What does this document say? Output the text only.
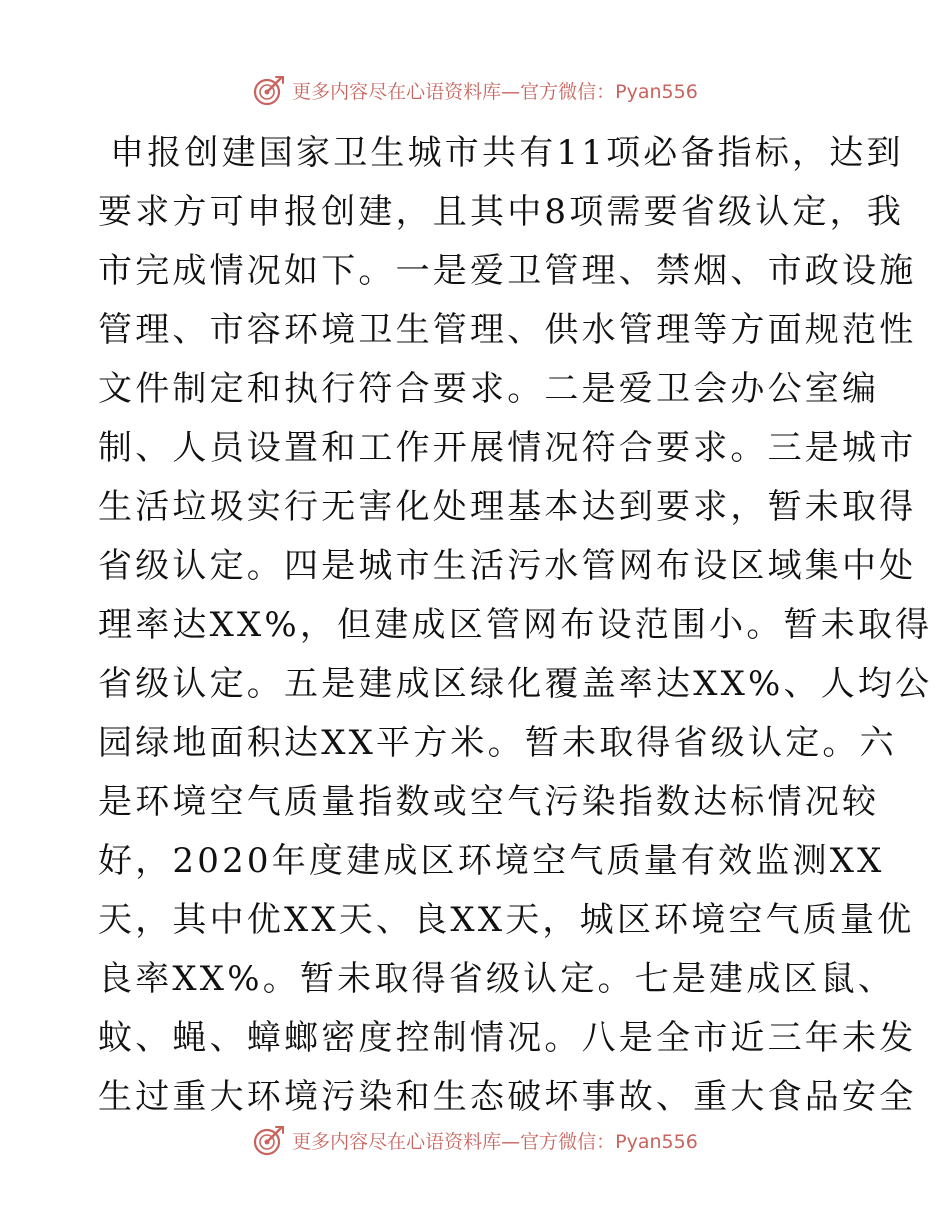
更多内容尽在心语资料库—官方微信：Pyan556
申报创建国家卫生城市共有11项必备指标，达到
要求方可申报创建，且其中8项需要省级认定，我
市完成情况如下。一是爱卫管理、禁烟、市政设施
管理、市容环境卫生管理、供水管理等方面规范性
文件制定和执行符合要求。二是爱卫会办公室编
制、人员设置和工作开展情况符合要求。三是城市
生活垃圾实行无害化处理基本达到要求，暂未取得
省级认定。四是城市生活污水管网布设区域集中处
理率达XX%，但建成区管网布设范围小。暂未取得
省级认定。五是建成区绿化覆盖率达XX%、人均公
园绿地面积达XX平方米。暂未取得省级认定。六
是环境空气质量指数或空气污染指数达标情况较
好，2020年度建成区环境空气质量有效监测XX
天，其中优XX天、良XX天，城区环境空气质量优
良率XX%。暂未取得省级认定。七是建成区鼠、
蚊、蝇、蟑螂密度控制情况。八是全市近三年未发
生过重大环境污染和生态破坏事故、重大食品安全
更多内容尽在心语资料库—官方微信：Pyan556
